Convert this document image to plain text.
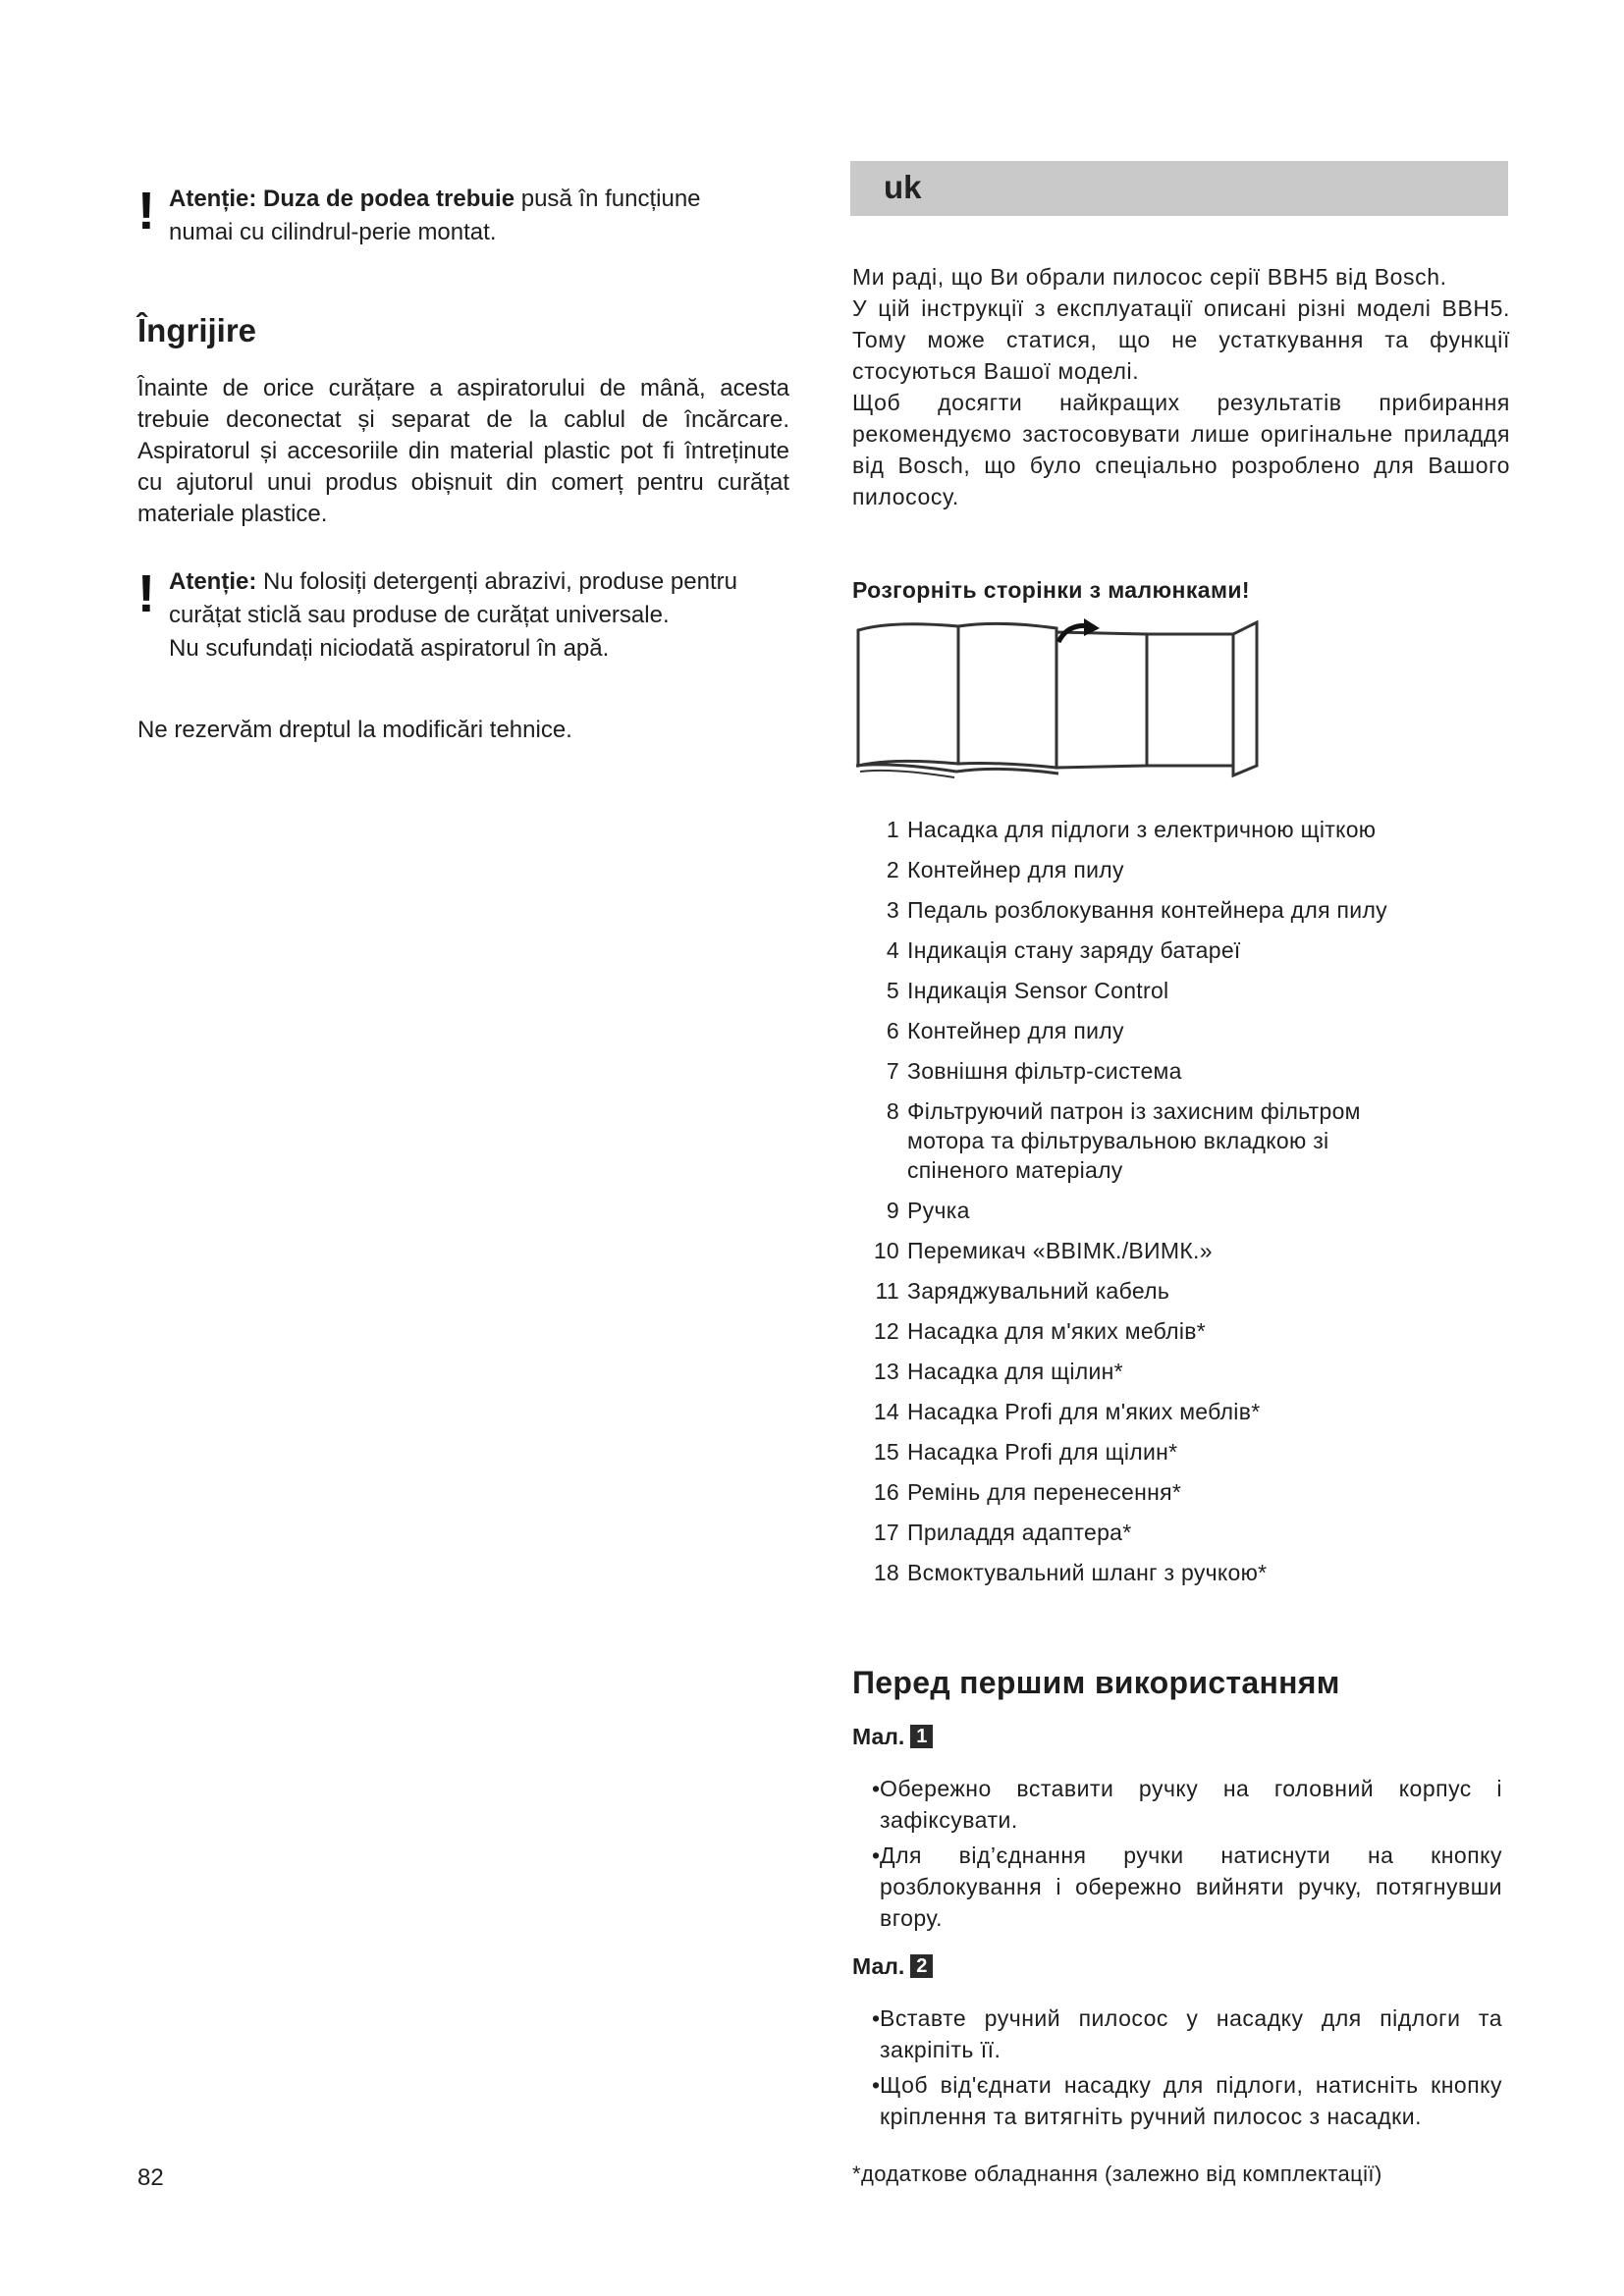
! Atenție: Duza de podea trebuie pusă în funcțiune
numai cu cilindrul-perie montat.
Îngrijire
Înainte de orice curățare a aspiratorului de mână, acesta trebuie deconectat și separat de la cablul de încărcare. Aspiratorul și accesoriile din material plastic pot fi întreținute cu ajutorul unui produs obișnuit din comerț pentru curățat materiale plastice.
! Atenție: Nu folosiți detergenți abrazivi, produse pentru curățat sticlă sau produse de curățat universale.
Nu scufundați niciodată aspiratorul în apă.
Ne rezervăm dreptul la modificări tehnice.
82
uk

Ми раді, що Ви обрали пилосос серії BBH5 від Bosch.

У цій інструкції з експлуатації описані різні моделі BBH5. Тому може статися, що не устаткування та функції стосуються Вашої моделі.

Щоб досягти найкращих результатів прибирання рекомендуємо застосовувати лише оригінальне приладдя від Bosch, що було спеціально розроблено для Вашого пилососу.

Розгорніть сторінки з малюнками!
1 Насадка для підлоги з електричною щіткою
2 Контейнер для пилу
3 Педаль розблокування контейнера для пилу
4 Індикація стану заряду батареї
5 Індикація Sensor Control
6 Контейнер для пилу
7 Зовнішня фільтр-система
8 Фільтруючий патрон із захисним фільтром мотора та фільтрувальною вкладкою зі спіненого матеріалу
9 Ручка
10 Перемикач «ВВІМК./ВИМК.»
11 Заряджувальний кабель
12 Насадка для м'яких меблів*
13 Насадка для щілин*
14 Насадка Profi для м'яких меблів*
15 Насадка Profi для щілин*
16 Ремінь для перенесення*
17 Приладдя адаптера*
18 Всмоктувальний шланг з ручкою*
Перед першим використанням
Мал. 1
• Обережно вставити ручку на головний корпус і зафіксувати.
• Для від’єднання ручки натиснути на кнопку розблокування і обережно вийняти ручку, потягнувши вгору.
Мал. 2
• Вставте ручний пилосос у насадку для підлоги та закріпіть її.
• Щоб від'єднати насадку для підлоги, натисніть кнопку кріплення та витягніть ручний пилосос з насадки.
*додаткове обладнання (залежно від комплектації)
